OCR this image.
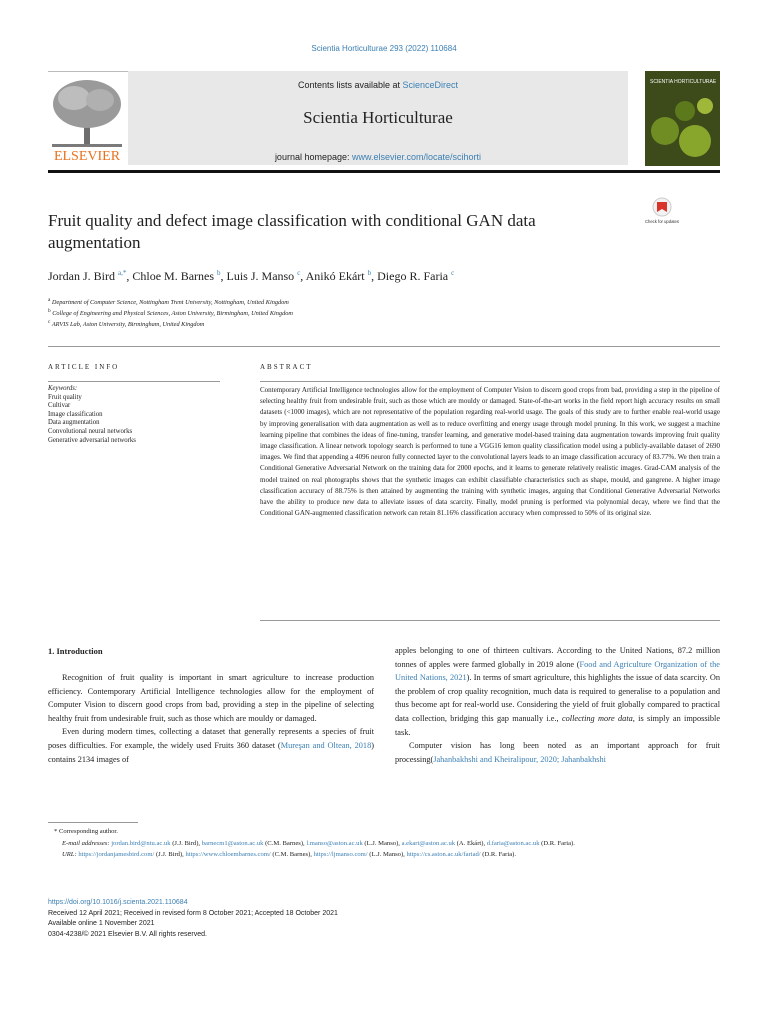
Scientia Horticulturae 293 (2022) 110684
ELSEVIER
Contents lists available at ScienceDirect
Scientia Horticulturae
journal homepage: www.elsevier.com/locate/scihorti
SCIENTIA HORTICULTURAE
Fruit quality and defect image classification with conditional GAN data augmentation
Check for updates
Jordan J. Bird $^{a,*}$, Chloe M. Barnes $^b$, Luis J. Manso $^c$, Anikó Ekárt $^b$, Diego R. Faria $^c$
$^a$ Department of Computer Science, Nottingham Trent University, Nottingham, United Kingdom
$^b$ College of Engineering and Physical Sciences, Aston University, Birmingham, United Kingdom
$^c$ ARVIS Lab, Aston University, Birmingham, United Kingdom
ARTICLE INFO	ABSTRACT
Keywords:
Fruit quality
Cultivar
Image classification
Data augmentation
Convolutional neural networks
Generative adversarial networks
Contemporary Artificial Intelligence technologies allow for the employment of Computer Vision to discern good crops from bad, providing a step in the pipeline of selecting healthy fruit from undesirable fruit, such as those which are mouldy or damaged. State-of-the-art works in the field report high accuracy results on small datasets (<1000 images), which are not representative of the population regarding real-world usage. The goals of this study are to further enable real-world usage by improving generalisation with data augmentation as well as to reduce overfitting and energy usage through model pruning. In this work, we suggest a machine learning pipeline that combines the ideas of fine-tuning, transfer learning, and generative model-based training data augmentation towards improving fruit quality image classification. A linear network topology search is performed to tune a VGG16 lemon quality classification model using a publicly-available dataset of 2690 images. We find that appending a 4096 neuron fully connected layer to the convolutional layers leads to an image classification accuracy of 83.77%. We then train a Conditional Generative Adversarial Network on the training data for 2000 epochs, and it learns to generate relatively realistic images. Grad-CAM analysis of the model trained on real photographs shows that the synthetic images can exhibit classifiable characteristics such as shape, mould, and gangrene. A higher image classification accuracy of 88.75% is then attained by augmenting the training with synthetic images, arguing that Conditional Generative Adversarial Networks have the ability to produce new data to alleviate issues of data scarcity. Finally, model pruning is performed via polynomial decay, where we find that the Conditional GAN-augmented classification network can retain 81.16% classification accuracy when compressed to 50% of its original size.
1. Introduction

Recognition of fruit quality is important in smart agriculture to increase production efficiency. Contemporary Artificial Intelligence technologies allow for the employment of Computer Vision to discern good crops from bad, providing a step in the pipeline of selecting healthy fruit from undesirable fruit, such as those which are mouldy or damaged.

Even during modern times, collecting a dataset that generally represents a species of fruit poses difficulties. For example, the widely used Fruits 360 dataset (Mureşan and Oltean, 2018) contains 2134 images of

apples belonging to one of thirteen cultivars. According to the United Nations, 87.2 million tonnes of apples were farmed globally in 2019 alone (Food and Agriculture Organization of the United Nations, 2021). In terms of smart agriculture, this highlights the issue of data scarcity. On the problem of crop quality recognition, much data is required to generalise to a population and thus become apt for real-world use. Considering the yield of fruit globally compared to practical data collection, bridging this gap manually i.e., collecting more data, is simply an impossible task.

Computer vision has long been noted as an important approach for fruit processing(Jahanbakhshi and Kheiralipour, 2020; Jahanbakhshi

* Corresponding author.
E-mail addresses: jordan.bird@ntu.ac.uk (J.J. Bird), barnecm1@aston.ac.uk (C.M. Barnes), l.manso@aston.ac.uk (L.J. Manso), a.ekart@aston.ac.uk (A. Ekárt), d.faria@aston.ac.uk (D.R. Faria).
URL: https://jordanjamesbird.com/ (J.J. Bird), https://www.chloembarnes.com/ (C.M. Barnes), https://ljmanso.com/ (L.J. Manso), https://cs.aston.ac.uk/fariad/ (D.R. Faria).
https://doi.org/10.1016/j.scienta.2021.110684
Received 12 April 2021; Received in revised form 8 October 2021; Accepted 18 October 2021
Available online 1 November 2021
0304-4238/© 2021 Elsevier B.V. All rights reserved.
